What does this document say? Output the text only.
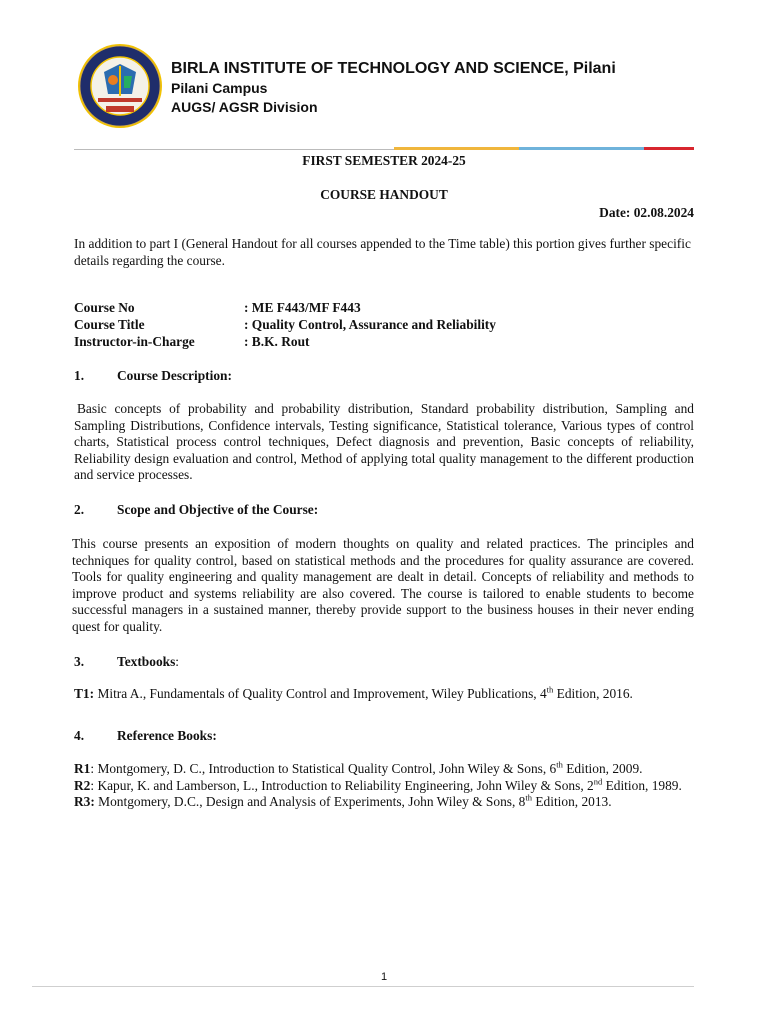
BIRLA INSTITUTE OF TECHNOLOGY AND SCIENCE, Pilani
Pilani Campus
AUGS/ AGSR Division
FIRST SEMESTER 2024-25
COURSE HANDOUT
Date: 02.08.2024
In addition to part I (General Handout for all courses appended to the Time table) this portion gives further specific details regarding the course.
Course No	: ME F443/MF F443
Course Title	: Quality Control, Assurance and Reliability
Instructor-in-Charge	: B.K. Rout
1. Course Description:
Basic concepts of probability and probability distribution, Standard probability distribution, Sampling and Sampling Distributions, Confidence intervals, Testing significance, Statistical tolerance, Various types of control charts, Statistical process control techniques, Defect diagnosis and prevention, Basic concepts of reliability, Reliability design evaluation and control, Method of applying total quality management to the different production and service processes.
2. Scope and Objective of the Course:
This course presents an exposition of modern thoughts on quality and related practices. The principles and techniques for quality control, based on statistical methods and the procedures for quality assurance are covered. Tools for quality engineering and quality management are dealt in detail. Concepts of reliability and methods to improve product and systems reliability are also covered. The course is tailored to enable students to become successful managers in a sustained manner, thereby provide support to the business houses in their never ending quest for quality.
3. Textbooks:
T1: Mitra A., Fundamentals of Quality Control and Improvement, Wiley Publications, 4th Edition, 2016.
4. Reference Books:
R1: Montgomery, D. C., Introduction to Statistical Quality Control, John Wiley & Sons, 6th Edition, 2009.
R2: Kapur, K. and Lamberson, L., Introduction to Reliability Engineering, John Wiley & Sons, 2nd Edition, 1989.
R3: Montgomery, D.C., Design and Analysis of Experiments, John Wiley & Sons, 8th Edition, 2013.
1
